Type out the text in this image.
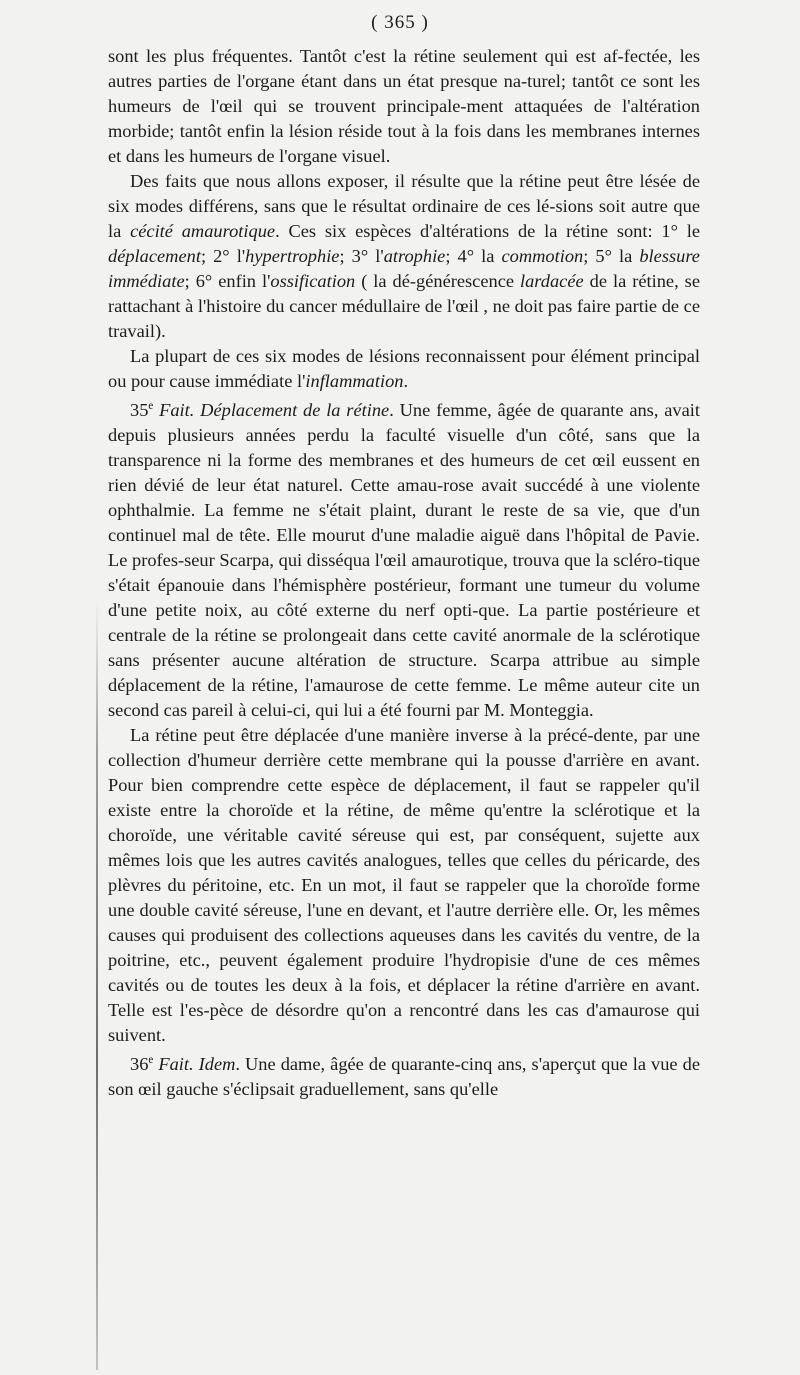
( 365 )

sont les plus fréquentes. Tantôt c'est la rétine seulement qui est af-fectée, les autres parties de l'organe étant dans un état presque na-turel; tantôt ce sont les humeurs de l'œil qui se trouvent principale-ment attaquées de l'altération morbide; tantôt enfin la lésion réside tout à la fois dans les membranes internes et dans les humeurs de l'organe visuel.

Des faits que nous allons exposer, il résulte que la rétine peut être lésée de six modes différens, sans que le résultat ordinaire de ces lé-sions soit autre que la cécité amaurotique. Ces six espèces d'altérations de la rétine sont: 1° le déplacement; 2° l'hypertrophie; 3° l'atrophie; 4° la commotion; 5° la blessure immédiate; 6° enfin l'ossification ( la dé-générescence lardacée de la rétine, se rattachant à l'histoire du cancer médullaire de l'œil , ne doit pas faire partie de ce travail).

La plupart de ces six modes de lésions reconnaissent pour élément principal ou pour cause immédiate l'inflammation.

35e Fait. Déplacement de la rétine. Une femme, âgée de quarante ans, avait depuis plusieurs années perdu la faculté visuelle d'un côté, sans que la transparence ni la forme des membranes et des humeurs de cet œil eussent en rien dévié de leur état naturel. Cette amau-rose avait succédé à une violente ophthalmie. La femme ne s'était plaint, durant le reste de sa vie, que d'un continuel mal de tête. Elle mourut d'une maladie aiguë dans l'hôpital de Pavie. Le profes-seur Scarpa, qui disséqua l'œil amaurotique, trouva que la scléro-tique s'était épanouie dans l'hémisphère postérieur, formant une tumeur du volume d'une petite noix, au côté externe du nerf opti-que. La partie postérieure et centrale de la rétine se prolongeait dans cette cavité anormale de la sclérotique sans présenter aucune altération de structure. Scarpa attribue au simple déplacement de la rétine, l'amaurose de cette femme. Le même auteur cite un second cas pareil à celui-ci, qui lui a été fourni par M. Monteggia.

La rétine peut être déplacée d'une manière inverse à la précé-dente, par une collection d'humeur derrière cette membrane qui la pousse d'arrière en avant. Pour bien comprendre cette espèce de déplacement, il faut se rappeler qu'il existe entre la choroïde et la rétine, de même qu'entre la sclérotique et la choroïde, une véritable cavité séreuse qui est, par conséquent, sujette aux mêmes lois que les autres cavités analogues, telles que celles du péricarde, des plèvres du péritoine, etc. En un mot, il faut se rappeler que la choroïde forme une double cavité séreuse, l'une en devant, et l'autre derrière elle. Or, les mêmes causes qui produisent des collections aqueuses dans les cavités du ventre, de la poitrine, etc., peuvent également produire l'hydropisie d'une de ces mêmes cavités ou de toutes les deux à la fois, et déplacer la rétine d'arrière en avant. Telle est l'es-pèce de désordre qu'on a rencontré dans les cas d'amaurose qui suivent.

36e Fait. Idem. Une dame, âgée de quarante-cinq ans, s'aperçut que la vue de son œil gauche s'éclipsait graduellement, sans qu'elle
